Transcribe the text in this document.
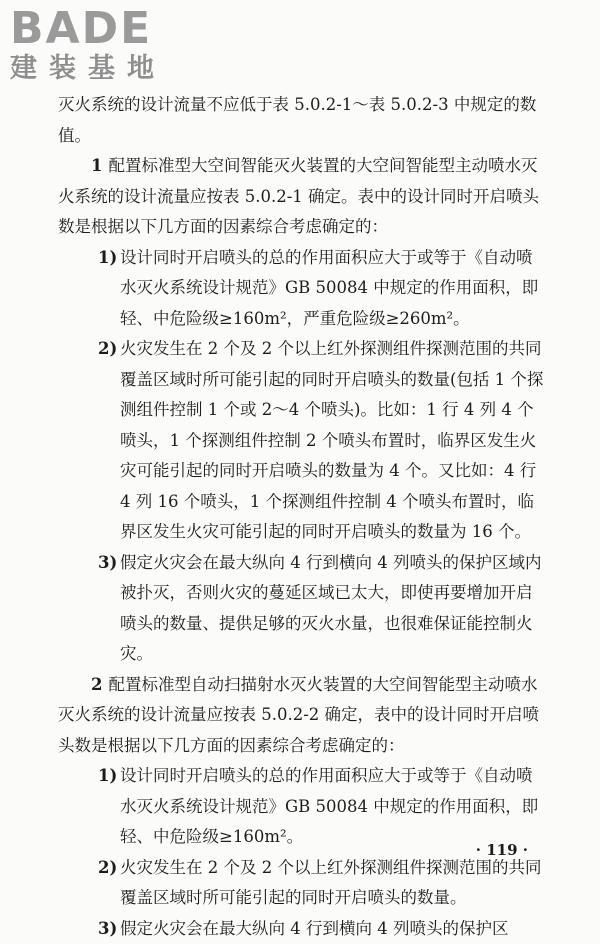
BADE
建装基地

灭火系统的设计流量不应低于表 5.0.2-1～表 5.0.2-3 中规定的数值。

1 配置标准型大空间智能灭火装置的大空间智能型主动喷水灭火系统的设计流量应按表 5.0.2-1 确定。表中的设计同时开启喷头数是根据以下几方面的因素综合考虑确定的：

1) 设计同时开启喷头的总的作用面积应大于或等于《自动喷水灭火系统设计规范》GB 50084 中规定的作用面积，即轻、中危险级≥160m²，严重危险级≥260m²。

2) 火灾发生在 2 个及 2 个以上红外探测组件探测范围的共同覆盖区域时所可能引起的同时开启喷头的数量(包括 1 个探测组件控制 1 个或 2～4 个喷头)。比如：1 行 4 列 4 个喷头，1 个探测组件控制 2 个喷头布置时，临界区发生火灾可能引起的同时开启喷头的数量为 4 个。又比如：4 行 4 列 16 个喷头，1 个探测组件控制 4 个喷头布置时，临界区发生火灾可能引起的同时开启喷头的数量为 16 个。

3) 假定火灾会在最大纵向 4 行到横向 4 列喷头的保护区域内被扑灭，否则火灾的蔓延区域已太大，即使再要增加开启喷头的数量、提供足够的灭火水量，也很难保证能控制火灾。

2 配置标准型自动扫描射水灭火装置的大空间智能型主动喷水灭火系统的设计流量应按表 5.0.2-2 确定，表中的设计同时开启喷头数是根据以下几方面的因素综合考虑确定的：

1) 设计同时开启喷头的总的作用面积应大于或等于《自动喷水灭火系统设计规范》GB 50084 中规定的作用面积，即轻、中危险级≥160m²。

2) 火灾发生在 2 个及 2 个以上红外探测组件探测范围的共同覆盖区域时所可能引起的同时开启喷头的数量。

3) 假定火灾会在最大纵向 4 行到横向 4 列喷头的保护区

· 119 ·
